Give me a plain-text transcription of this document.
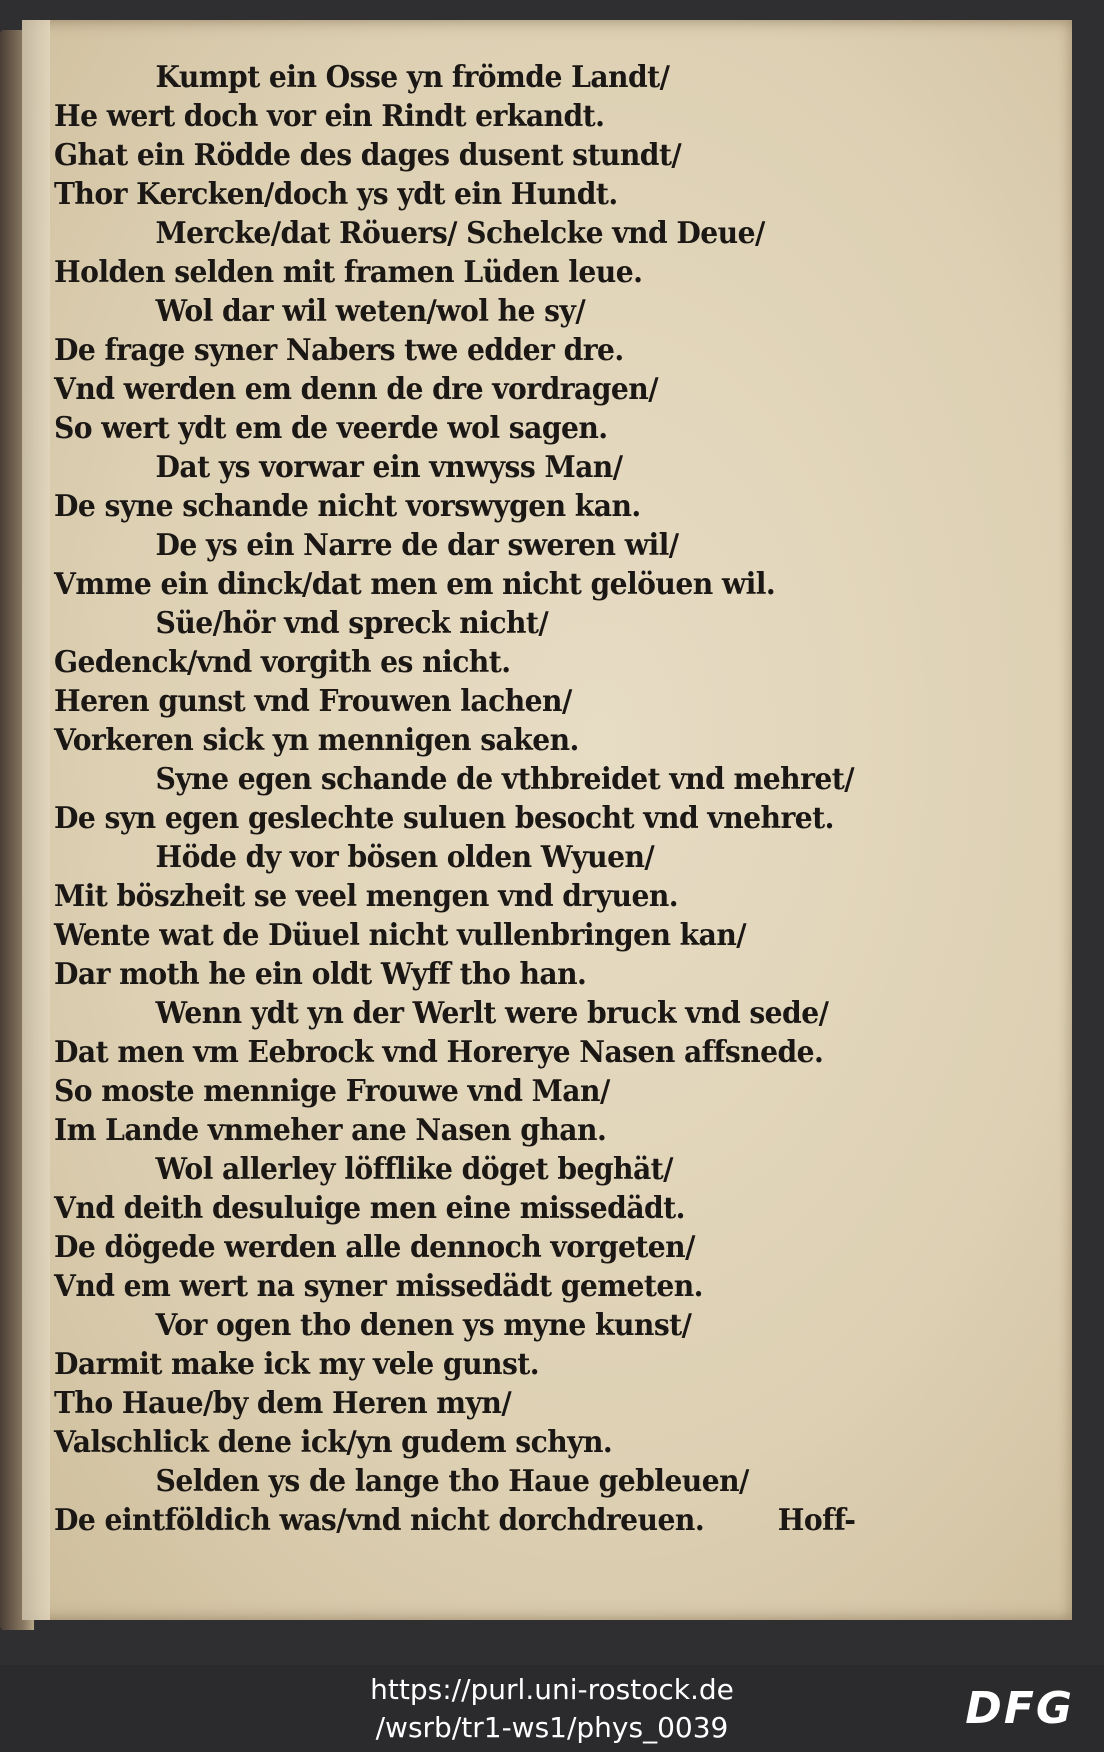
Kumpt ein Osse yn frömde Landt/
He wert doch vor ein Rindt erkandt.
Ghat ein Rödde des dages dusent stundt/
Thor Kercken/doch ys ydt ein Hundt.
Mercke/dat Röuers/ Schelcke vnd Deue/
Holden selden mit framen Lüden leue.
Wol dar wil weten/wol he sy/
De frage syner Nabers twe edder dre.
Vnd werden em denn de dre vordragen/
So wert ydt em de veerde wol sagen.
Dat ys vorwar ein vnwyss Man/
De syne schande nicht vorswygen kan.
De ys ein Narre de dar sweren wil/
Vmme ein dinck/dat men em nicht gelöuen wil.
Süe/hör vnd spreck nicht/
Gedenck/vnd vorgith es nicht.
Heren gunst vnd Frouwen lachen/
Vorkeren sick yn mennigen saken.
Syne egen schande de vthbreidet vnd mehret/
De syn egen geslechte suluen besocht vnd vnehret.
Höde dy vor bösen olden Wyuen/
Mit böszheit se veel mengen vnd dryuen.
Wente wat de Düuel nicht vullenbringen kan/
Dar moth he ein oldt Wyff tho han.
Wenn ydt yn der Werlt were bruck vnd sede/
Dat men vm Eebrock vnd Horerye Nasen affsnede.
So moste mennige Frouwe vnd Man/
Im Lande vnmeher ane Nasen ghan.
Wol allerley löfflike döget beghät/
Vnd deith desuluige men eine missedädt.
De dögede werden alle dennoch vorgeten/
Vnd em wert na syner missedädt gemeten.
Vor ogen tho denen ys myne kunst/
Darmit make ick my vele gunst.
Tho Haue/by dem Heren myn/
Valschlick dene ick/yn gudem schyn.
Selden ys de lange tho Haue gebleuen/
De eintföldich was/vnd nicht dorchdreuen. Hoff-
https://purl.uni-rostock.de
/wsrb/tr1-ws1/phys_0039	DFG
